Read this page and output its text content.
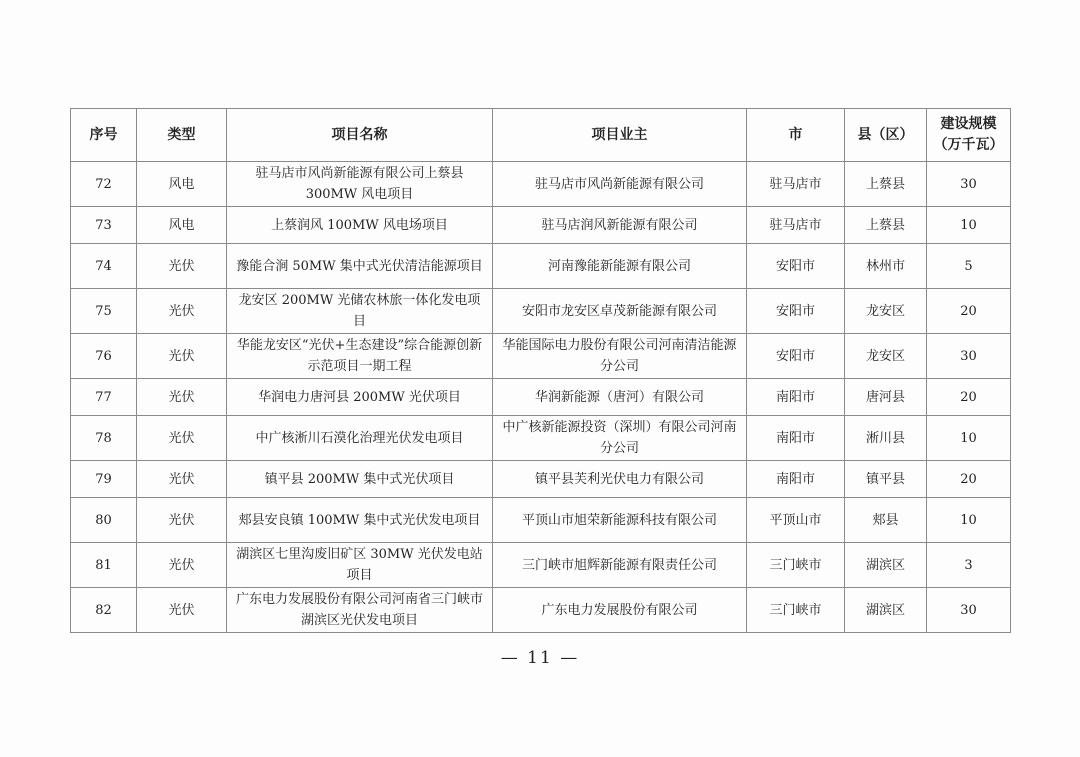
序号	类型	项目名称	项目业主	市	县（区）	建设规模
（万千瓦）
72	风电	驻马店市风尚新能源有限公司上蔡县300MW 风电项目	驻马店市风尚新能源有限公司	驻马店市	上蔡县	30
73	风电	上蔡润风 100MW 风电场项目	驻马店润风新能源有限公司	驻马店市	上蔡县	10
74	光伏	豫能合涧 50MW 集中式光伏清洁能源项目	河南豫能新能源有限公司	安阳市	林州市	5
75	光伏	龙安区 200MW 光储农林旅一体化发电项目	安阳市龙安区卓茂新能源有限公司	安阳市	龙安区	20
76	光伏	华能龙安区“光伏+生态建设”综合能源创新示范项目一期工程	华能国际电力股份有限公司河南清洁能源分公司	安阳市	龙安区	30
77	光伏	华润电力唐河县 200MW 光伏项目	华润新能源（唐河）有限公司	南阳市	唐河县	20
78	光伏	中广核淅川石漠化治理光伏发电项目	中广核新能源投资（深圳）有限公司河南分公司	南阳市	淅川县	10
79	光伏	镇平县 200MW 集中式光伏项目	镇平县芙利光伏电力有限公司	南阳市	镇平县	20
80	光伏	郏县安良镇 100MW 集中式光伏发电项目	平顶山市旭荣新能源科技有限公司	平顶山市	郏县	10
81	光伏	湖滨区七里沟废旧矿区 30MW 光伏发电站项目	三门峡市旭辉新能源有限责任公司	三门峡市	湖滨区	3
82	光伏	广东电力发展股份有限公司河南省三门峡市湖滨区光伏发电项目	广东电力发展股份有限公司	三门峡市	湖滨区	30
— 11 —
